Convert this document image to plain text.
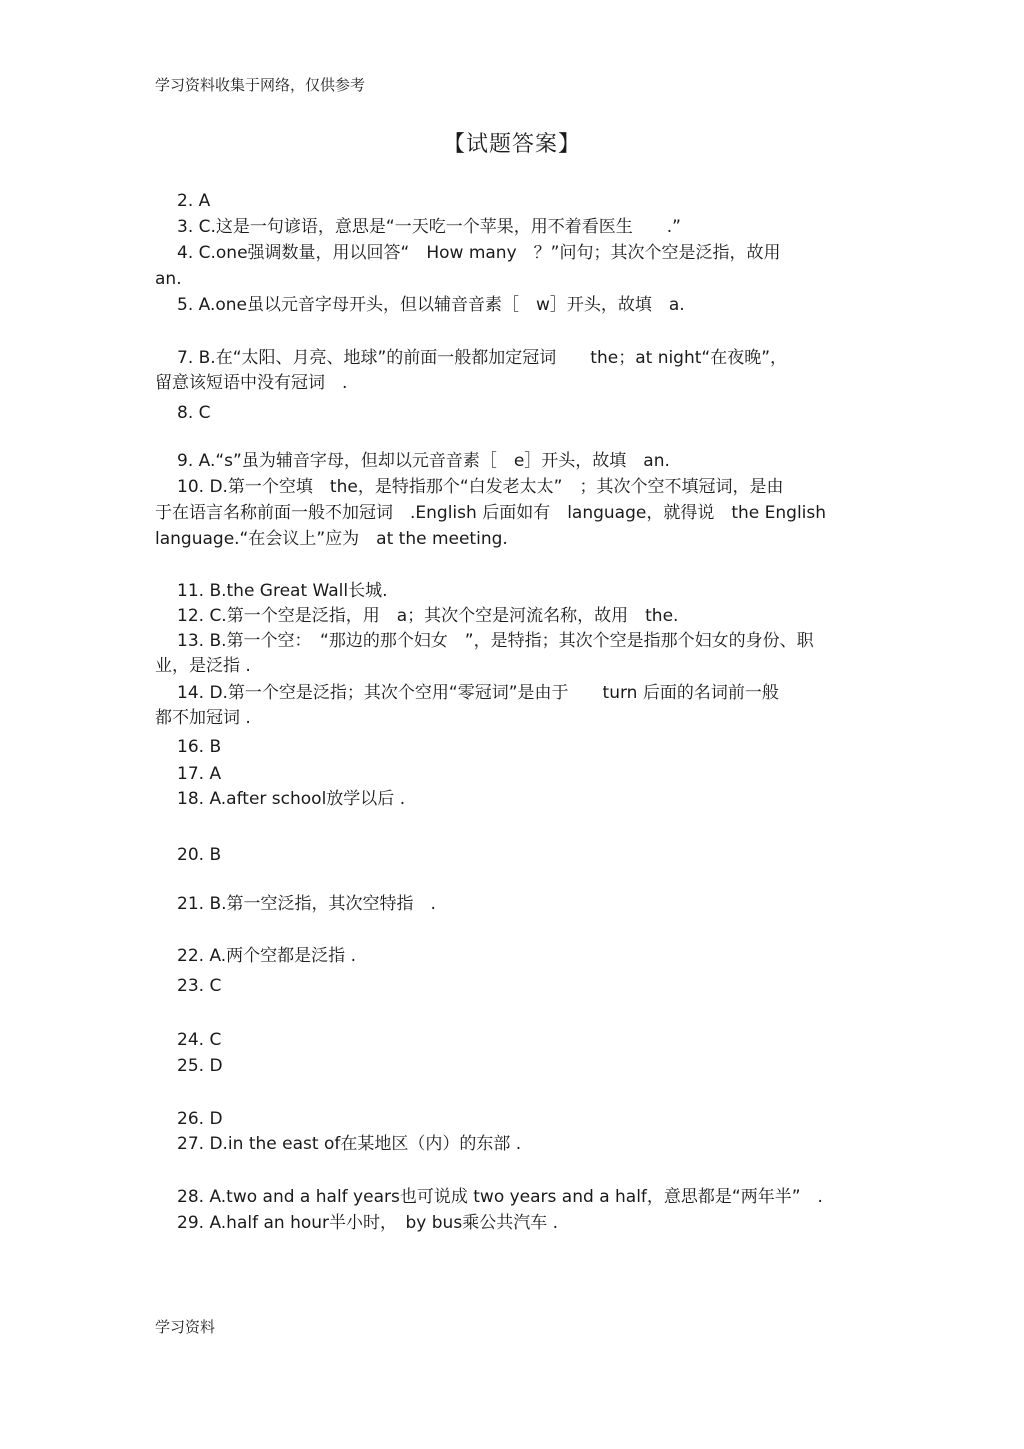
学习资料收集于网络，仅供参考
【试题答案】
2. A
3. C.这是一句谚语，意思是“一天吃一个苹果，用不着看医生　　.”
4. C.one强调数量，用以回答“　How many　？”问句；其次个空是泛指，故用
an.
5. A.one虽以元音字母开头，但以辅音音素［　w］开头，故填　a.
7. B.在“太阳、月亮、地球”的前面一般都加定冠词　　the；at night“在夜晚”，
留意该短语中没有冠词　.
8. C
9. A.“s”虽为辅音字母，但却以元音音素［　e］开头，故填　an.
10. D.第一个空填　the，是特指那个“白发老太太”　；其次个空不填冠词，是由
于在语言名称前面一般不加冠词　.English 后面如有　language，就得说　the English
language.“在会议上”应为　at the meeting.
11. B.the Great Wall长城.
12. C.第一个空是泛指，用　a；其次个空是河流名称，故用　the.
13. B.第一个空：　“那边的那个妇女　”，是特指；其次个空是指那个妇女的身份、职
业，是泛指 .
14. D.第一个空是泛指；其次个空用“零冠词”是由于　　turn 后面的名词前一般
都不加冠词 .
16. B
17. A
18. A.after school放学以后 .
20. B
21. B.第一空泛指，其次空特指　.
22. A.两个空都是泛指 .
23. C
24. C
25. D
26. D
27. D.in the east of在某地区（内）的东部 .
28. A.two and a half years也可说成 two years and a half，意思都是“两年半”　.
29. A.half an hour半小时，　by bus乘公共汽车 .
学习资料
